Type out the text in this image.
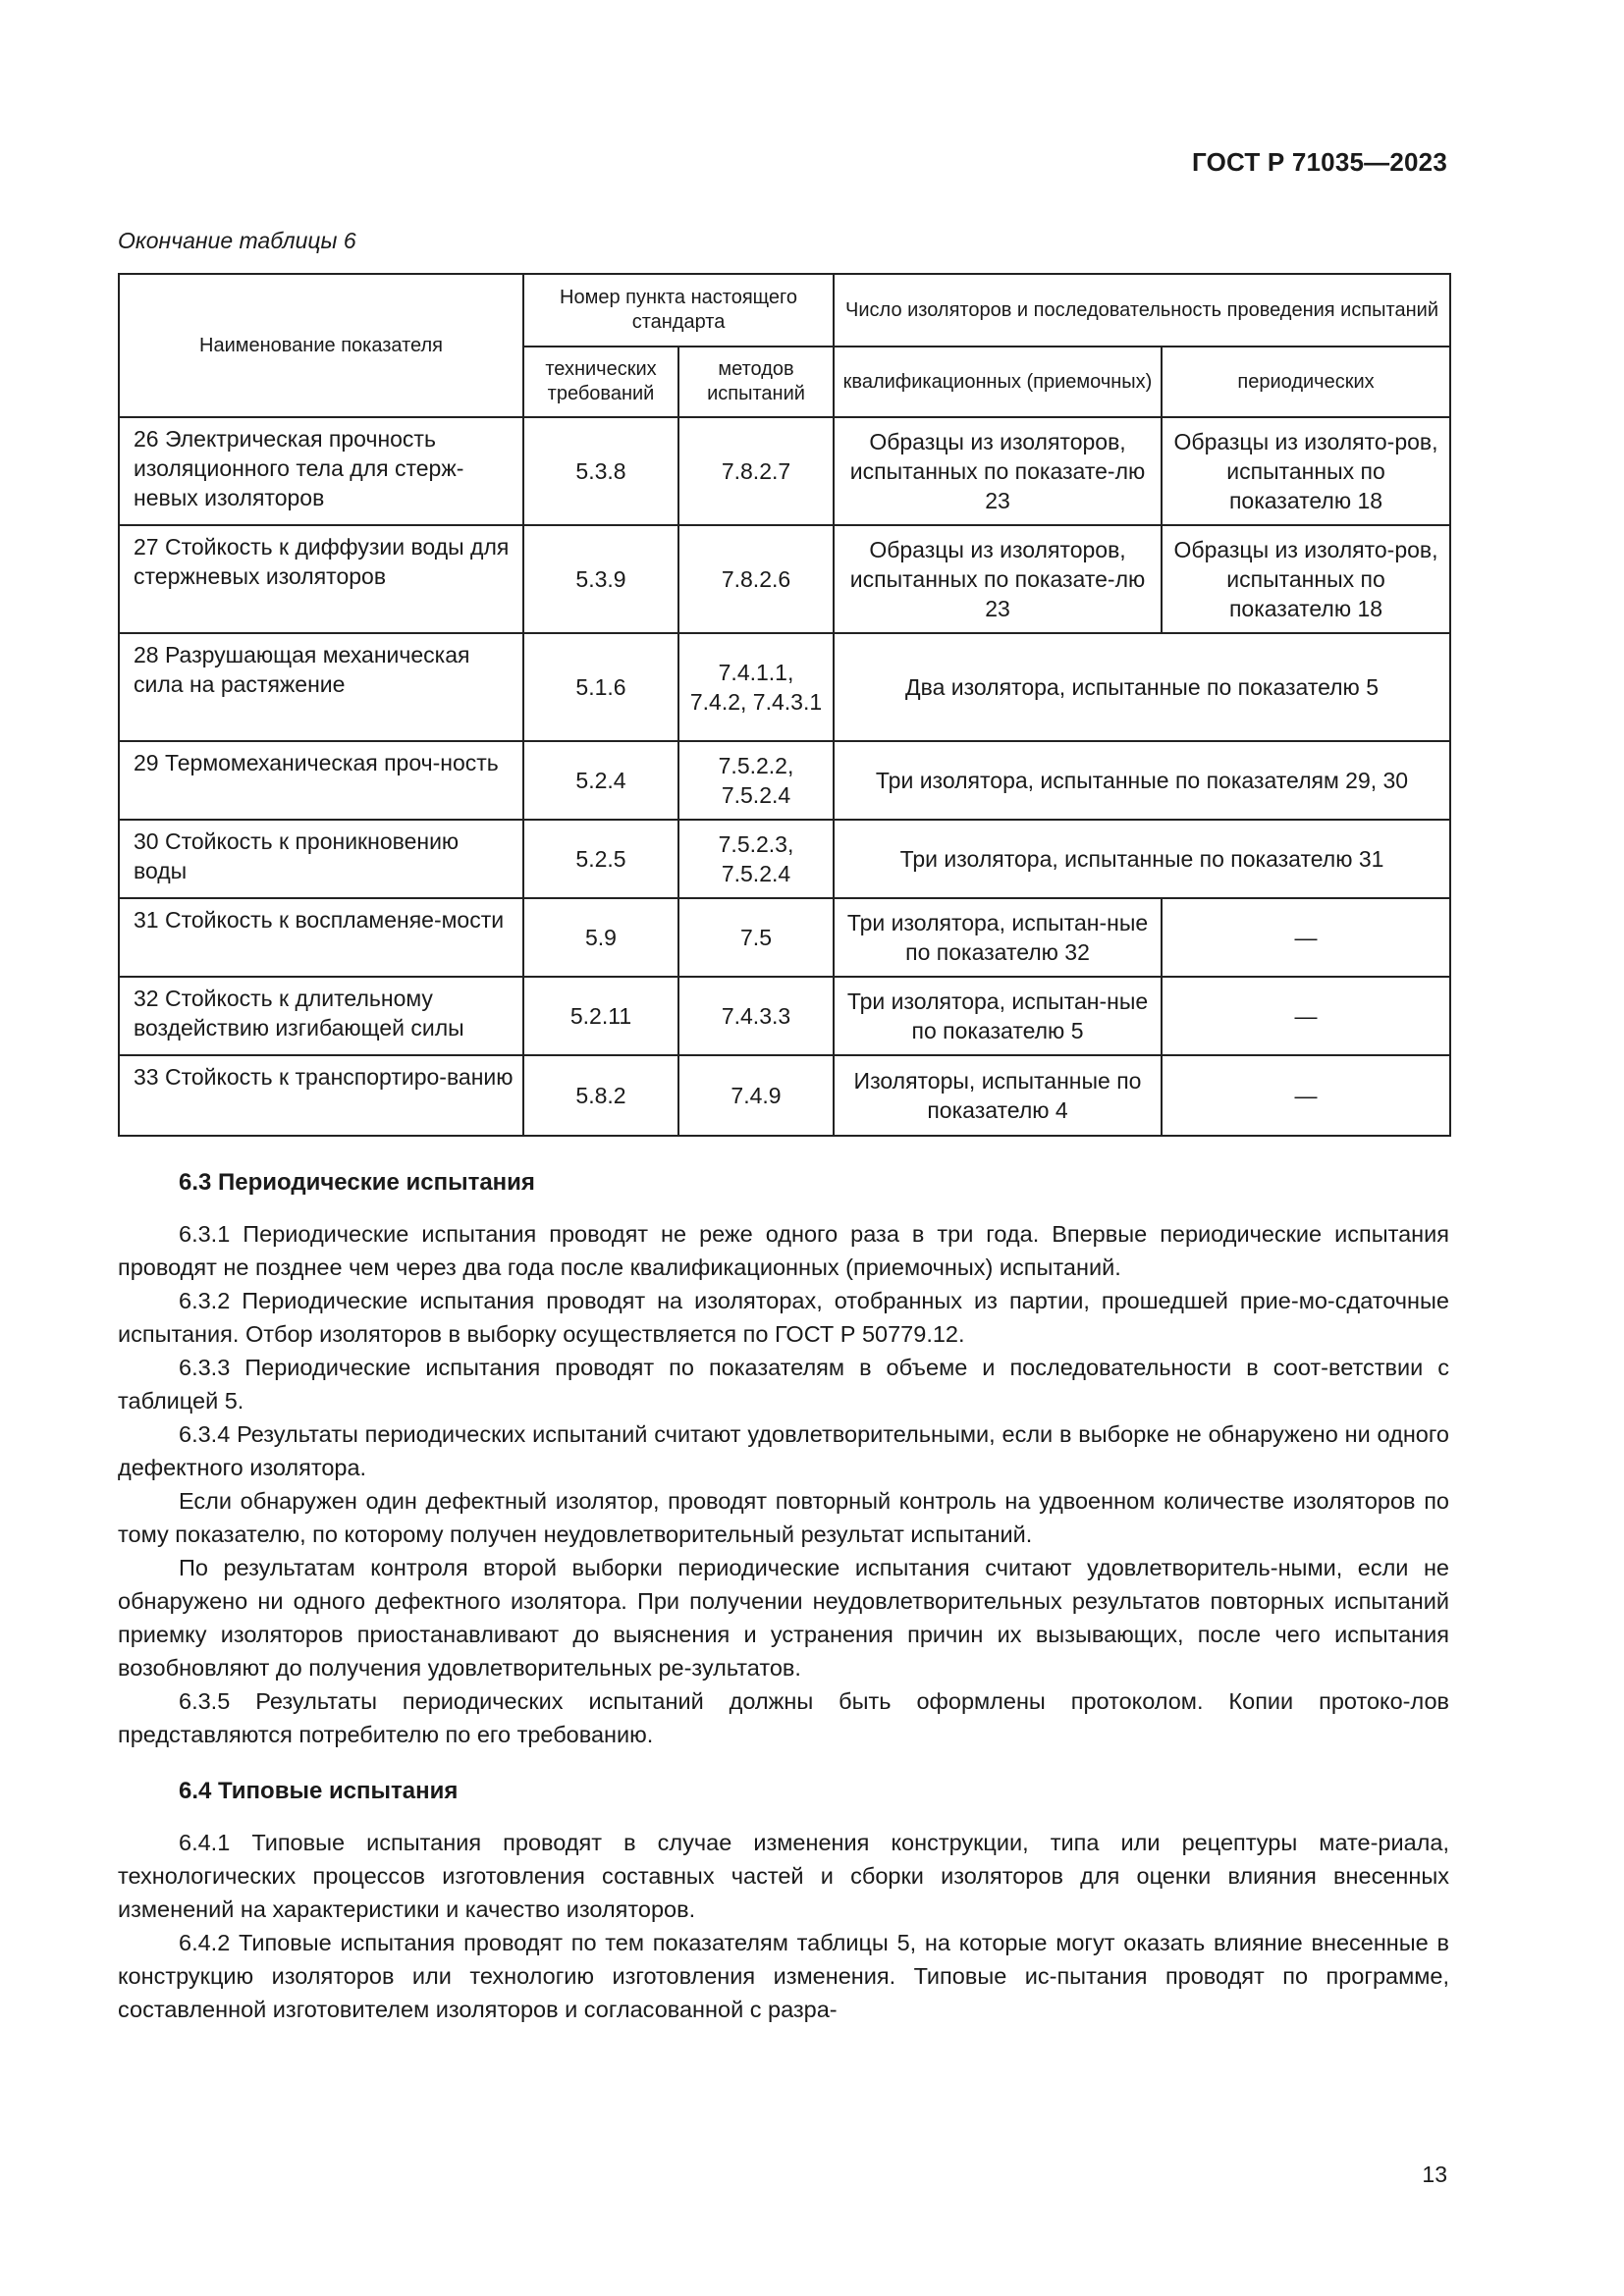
ГОСТ Р 71035—2023
Окончание таблицы 6
Наименование показателя	Номер пункта настоящего стандарта		Число изоляторов и последовательность проведения испытаний	
	технических требований	методов испытаний	квалификационных (приемочных)	периодических
26 Электрическая прочность изоляционного тела для стерж-невых изоляторов	5.3.8	7.8.2.7	Образцы из изоляторов, испытанных по показате-лю 23	Образцы из изолято-ров, испытанных по показателю 18
27 Стойкость к диффузии воды для стержневых изоляторов	5.3.9	7.8.2.6	Образцы из изоляторов, испытанных по показате-лю 23	Образцы из изолято-ров, испытанных по показателю 18
28 Разрушающая механическая сила на растяжение	5.1.6	7.4.1.1, 7.4.2, 7.4.3.1	Два изолятора, испытанные по показателю 5	
29 Термомеханическая проч-ность	5.2.4	7.5.2.2, 7.5.2.4	Три изолятора, испытанные по показателям 29, 30	
30 Стойкость к проникновению воды	5.2.5	7.5.2.3, 7.5.2.4	Три изолятора, испытанные по показателю 31	
31 Стойкость к воспламеняе-мости	5.9	7.5	Три изолятора, испытан-ные по показателю 32	—
32 Стойкость к длительному воздействию изгибающей силы	5.2.11	7.4.3.3	Три изолятора, испытан-ные по показателю 5	—
33 Стойкость к транспортиро-ванию	5.8.2	7.4.9	Изоляторы, испытанные по показателю 4	—
6.3 Периодические испытания

6.3.1 Периодические испытания проводят не реже одного раза в три года. Впервые периодические испытания проводят не позднее чем через два года после квалификационных (приемочных) испытаний.

6.3.2 Периодические испытания проводят на изоляторах, отобранных из партии, прошедшей прие-мо-сдаточные испытания. Отбор изоляторов в выборку осуществляется по ГОСТ Р 50779.12.

6.3.3 Периодические испытания проводят по показателям в объеме и последовательности в соот-ветствии с таблицей 5.

6.3.4 Результаты периодических испытаний считают удовлетворительными, если в выборке не обнаружено ни одного дефектного изолятора.

Если обнаружен один дефектный изолятор, проводят повторный контроль на удвоенном количестве изоляторов по тому показателю, по которому получен неудовлетворительный результат испытаний.

По результатам контроля второй выборки периодические испытания считают удовлетворитель-ными, если не обнаружено ни одного дефектного изолятора. При получении неудовлетворительных результатов повторных испытаний приемку изоляторов приостанавливают до выяснения и устранения причин их вызывающих, после чего испытания возобновляют до получения удовлетворительных ре-зультатов.

6.3.5 Результаты периодических испытаний должны быть оформлены протоколом. Копии протоко-лов представляются потребителю по его требованию.

6.4 Типовые испытания

6.4.1 Типовые испытания проводят в случае изменения конструкции, типа или рецептуры мате-риала, технологических процессов изготовления составных частей и сборки изоляторов для оценки влияния внесенных изменений на характеристики и качество изоляторов.

6.4.2 Типовые испытания проводят по тем показателям таблицы 5, на которые могут оказать влияние внесенные в конструкцию изоляторов или технологию изготовления изменения. Типовые ис-пытания проводят по программе, составленной изготовителем изоляторов и согласованной с разра-

13
